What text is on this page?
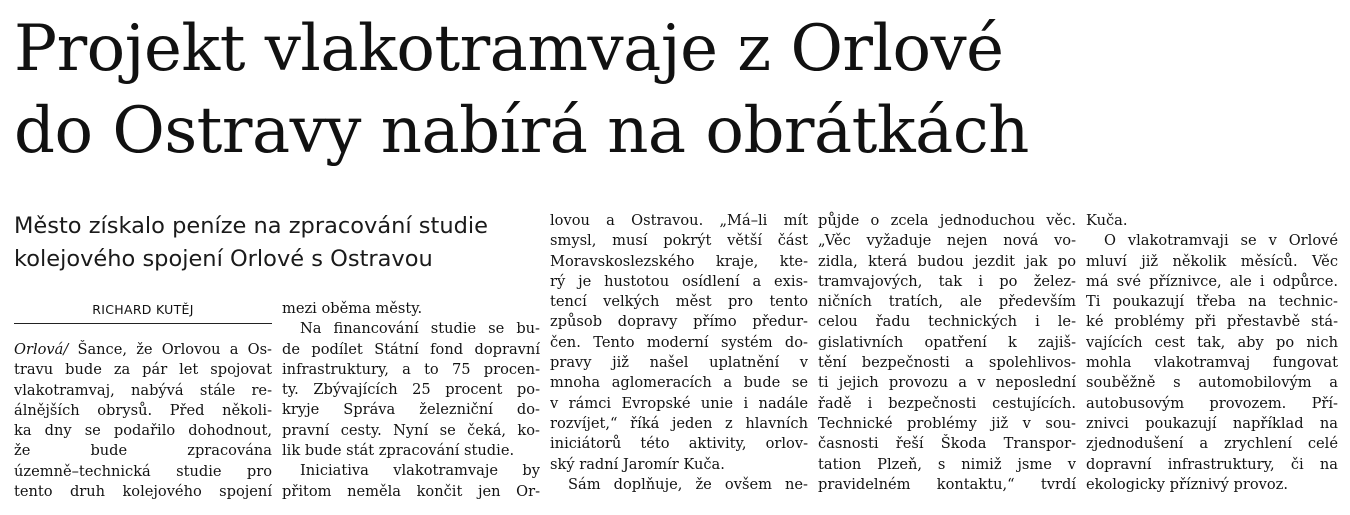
Projekt vlakotramvaje z Orlové
do Ostravy nabírá na obrátkách
Město získalo peníze na zpracování studie
kolejového spojení Orlové s Ostravou
RICHARD KUTĚJ
Orlová/ Šance, že Orlovou a Os-
travu bude za pár let spojovat
vlakotramvaj, nabývá stále re-
álnějších obrysů. Před několi-
ka dny se podařilo dohodnout,
že bude zpracována
územně–technická studie pro
tento druh kolejového spojení
mezi oběma městy.
Na financování studie se bu-
de podílet Státní fond dopravní
infrastruktury, a to 75 procen-
ty. Zbývajících 25 procent po-
kryje Správa železniční do-
pravní cesty. Nyní se čeká, ko-
lik bude stát zpracování studie.
Iniciativa vlakotramvaje by
přitom neměla končit jen Or-
lovou a Ostravou. „Má–li mít
smysl, musí pokrýt větší část
Moravskoslezského kraje, kte-
rý je hustotou osídlení a exis-
tencí velkých měst pro tento
způsob dopravy přímo předur-
čen. Tento moderní systém do-
pravy již našel uplatnění v
mnoha aglomeracích a bude se
v rámci Evropské unie i nadále
rozvíjet,“ říká jeden z hlavních
iniciátorů této aktivity, orlov-
ský radní Jaromír Kuča.
Sám doplňuje, že ovšem ne-
půjde o zcela jednoduchou věc.
„Věc vyžaduje nejen nová vo-
zidla, která budou jezdit jak po
tramvajových, tak i po želez-
ničních tratích, ale především
celou řadu technických i le-
gislativních opatření k zajiš-
tění bezpečnosti a spolehlivos-
ti jejich provozu a v neposlední
řadě i bezpečnosti cestujících.
Technické problémy již v sou-
časnosti řeší Škoda Transpor-
tation Plzeň, s nimiž jsme v
pravidelném kontaktu,“ tvrdí
Kuča.
O vlakotramvaji se v Orlové
mluví již několik měsíců. Věc
má své příznivce, ale i odpůrce.
Ti poukazují třeba na technic-
ké problémy při přestavbě stá-
vajících cest tak, aby po nich
mohla vlakotramvaj fungovat
souběžně s automobilovým a
autobusovým provozem. Pří-
znivci poukazují například na
zjednodušení a zrychlení celé
dopravní infrastruktury, či na
ekologicky příznivý provoz.
